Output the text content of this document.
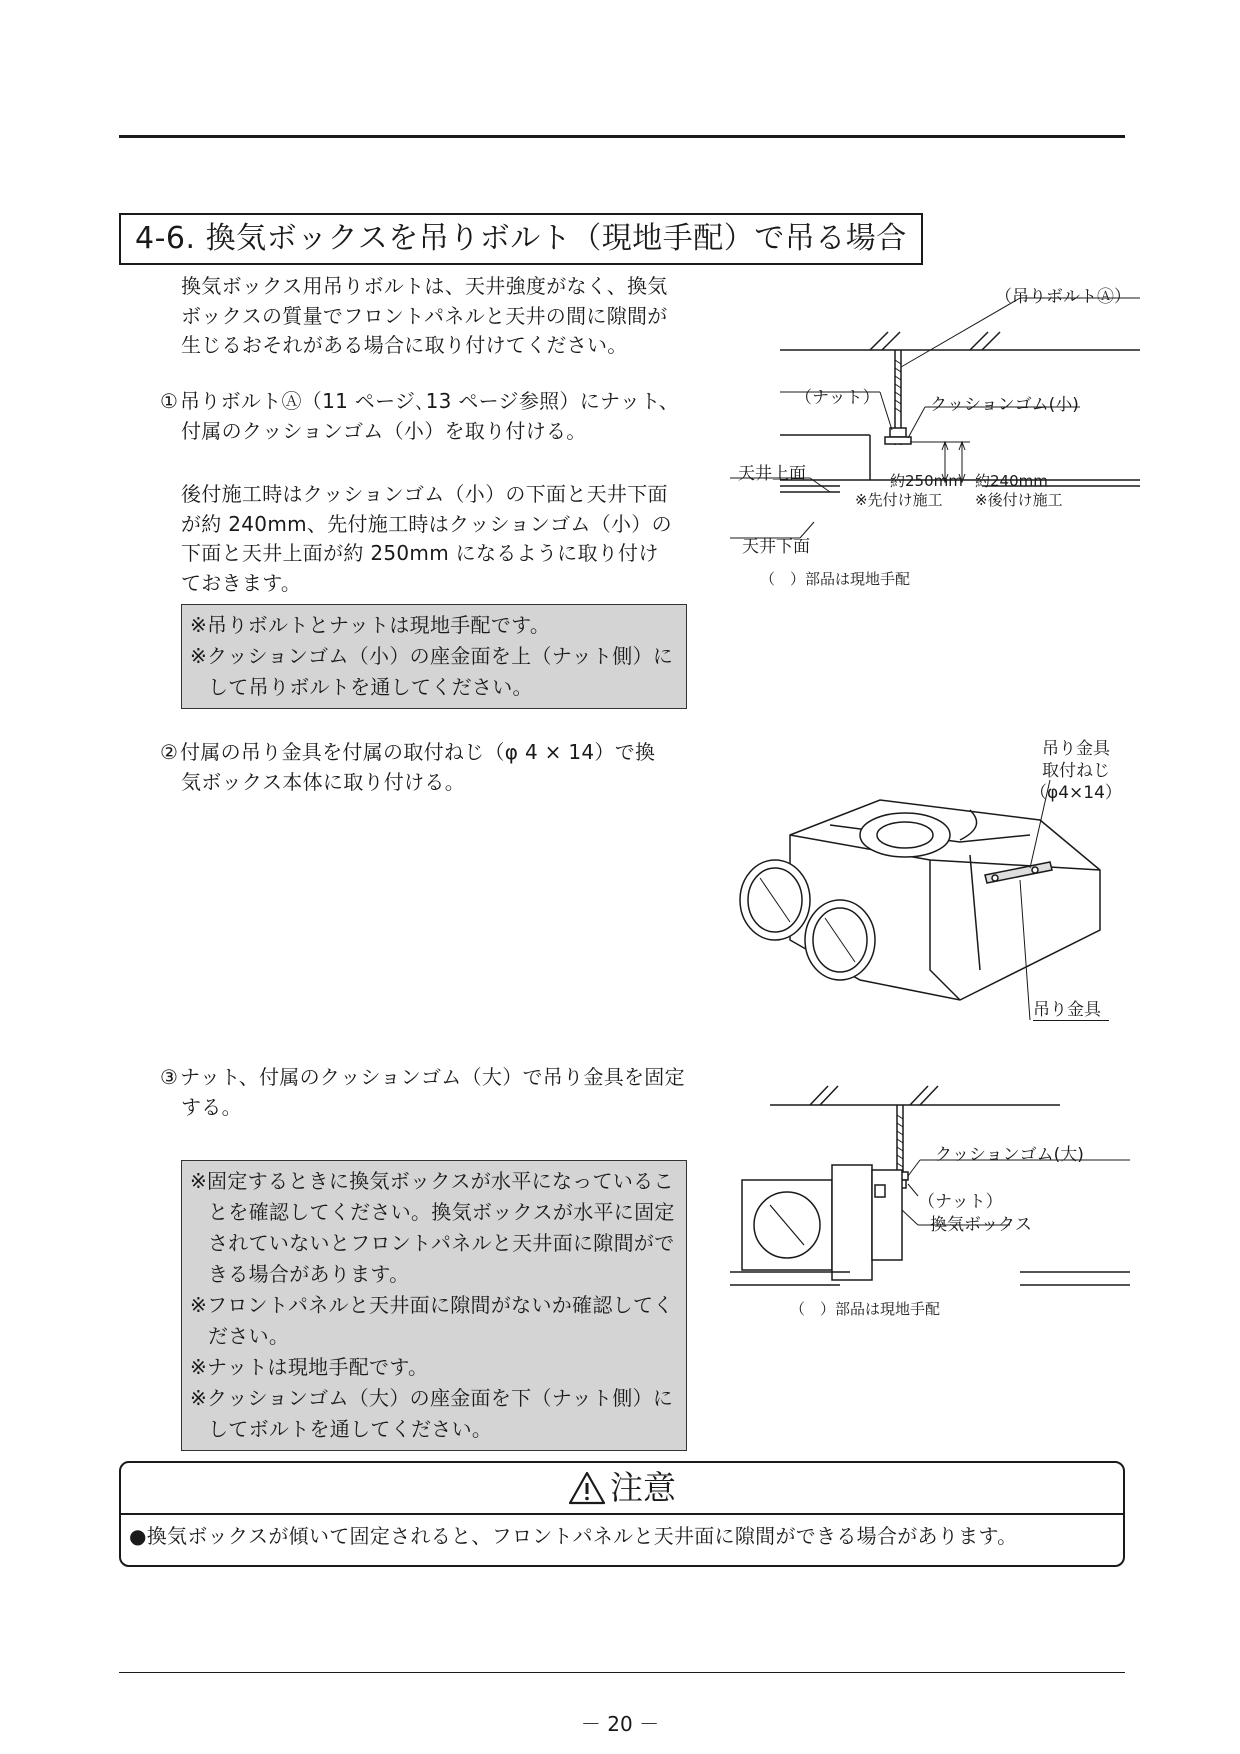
4-6. 換気ボックスを吊りボルト（現地手配）で吊る場合

換気ボックス用吊りボルトは、天井強度がなく、換気

ボックスの質量でフロントパネルと天井の間に隙間が

生じるおそれがある場合に取り付けてください。

①吊りボルトⒶ（11 ページ､13 ページ参照）にナット、

付属のクッションゴム（小）を取り付ける。

後付施工時はクッションゴム（小）の下面と天井下面

が約 240mm、先付施工時はクッションゴム（小）の

下面と天井上面が約 250mm になるように取り付け

ておきます。

※吊りボルトとナットは現地手配です。
※クッションゴム（小）の座金面を上（ナット側）にして吊りボルトを通してください。

②付属の吊り金具を付属の取付ねじ（φ 4 × 14）で換

気ボックス本体に取り付ける。

③ナット、付属のクッションゴム（大）で吊り金具を固定

する。

※固定するときに換気ボックスが水平になっていることを確認してください。換気ボックスが水平に固定されていないとフロントパネルと天井面に隙間ができる場合があります。
※フロントパネルと天井面に隙間がないか確認してください。
※ナットは現地手配です。
※クッションゴム（大）の座金面を下（ナット側）にしてボルトを通してください。
（吊りボルトⒶ）
（ナット）	クッションゴム(小)
天井上面
天井下面
約250mm
※先付け施工
約240mm
※後付け施工
（　）部品は現地手配
吊り金具
取付ねじ
（φ4×14）
吊り金具
クッションゴム(大)
（ナット）
換気ボックス
（　）部品は現地手配
注意
●換気ボックスが傾いて固定されると、フロントパネルと天井面に隙間ができる場合があります。
－ 20 －
